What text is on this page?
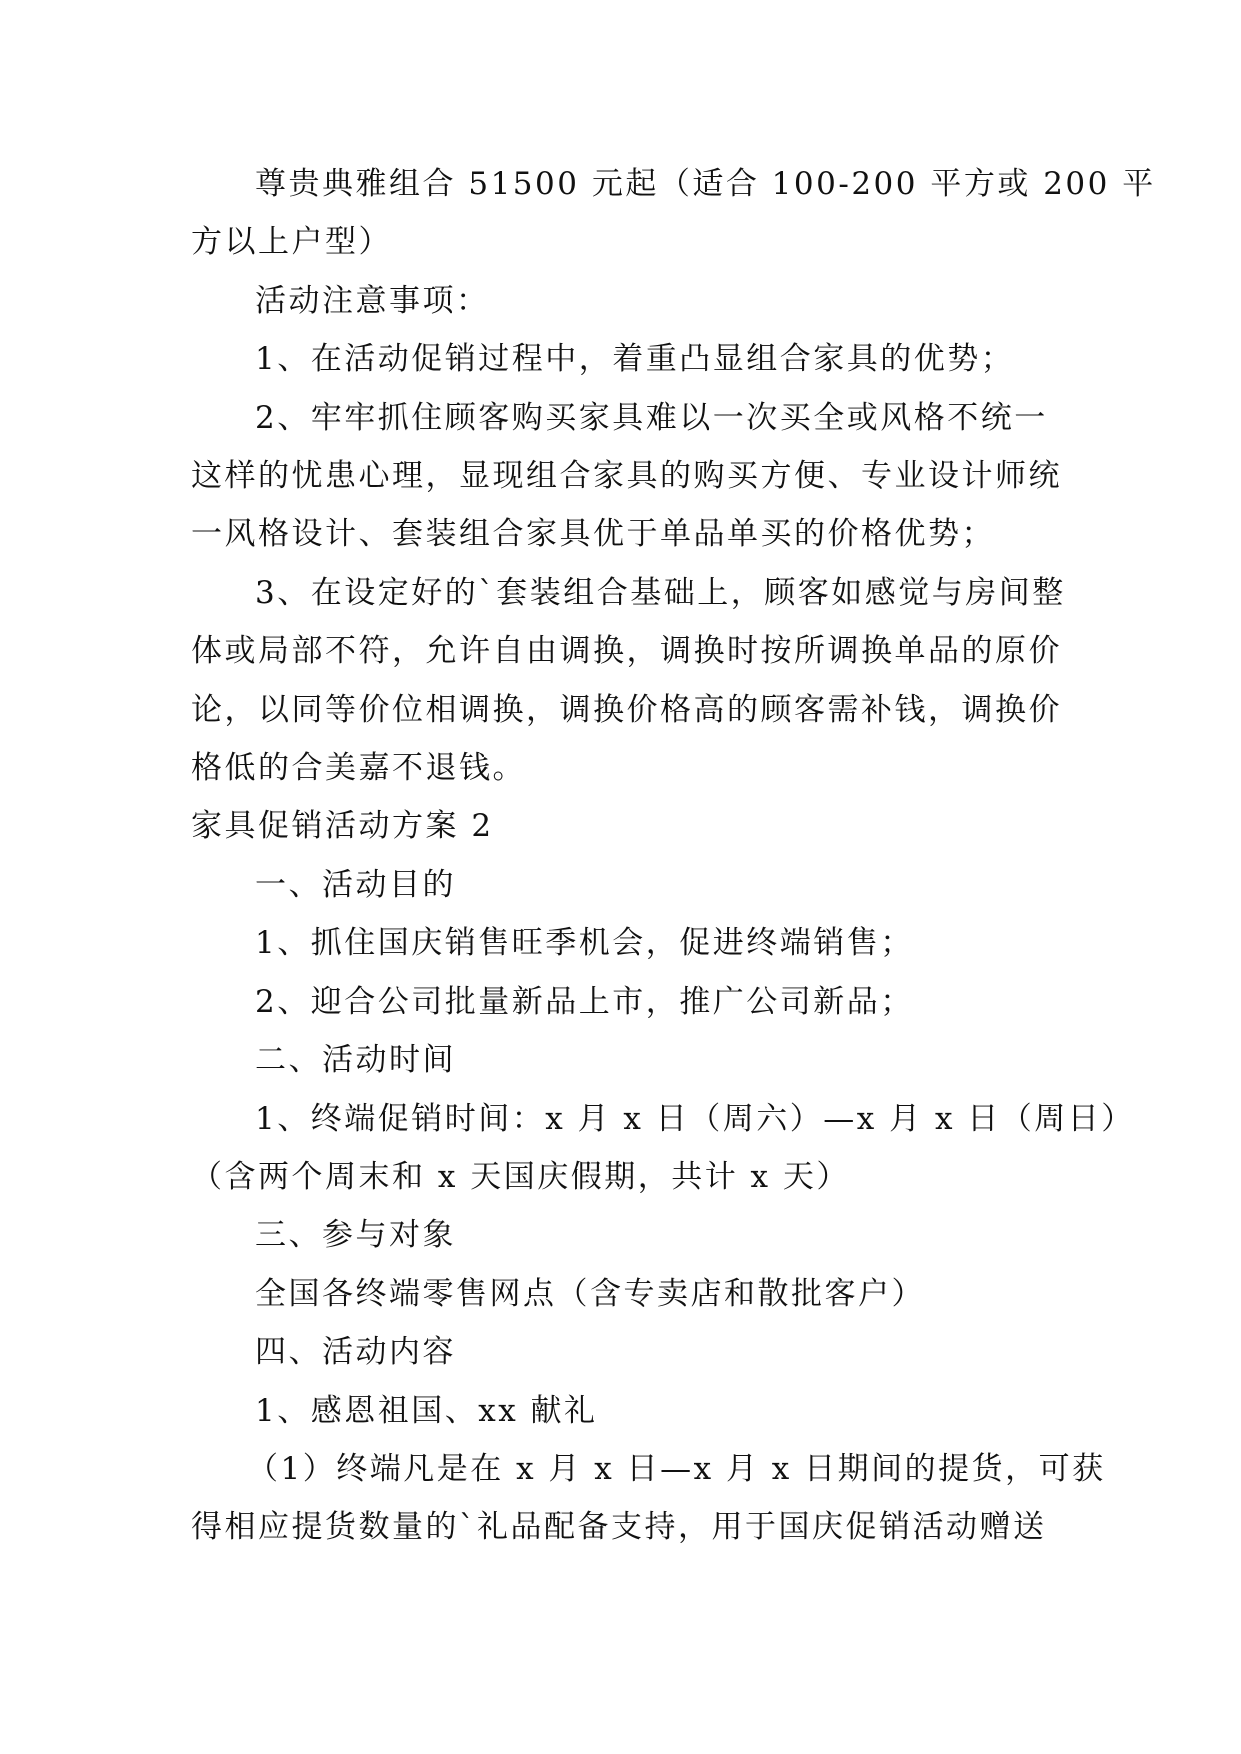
尊贵典雅组合 51500 元起（适合 100-200 平方或 200 平
方以上户型）
活动注意事项：
1、在活动促销过程中，着重凸显组合家具的优势；
2、牢牢抓住顾客购买家具难以一次买全或风格不统一
这样的忧患心理，显现组合家具的购买方便、专业设计师统
一风格设计、套装组合家具优于单品单买的价格优势；
3、在设定好的`套装组合基础上，顾客如感觉与房间整
体或局部不符，允许自由调换，调换时按所调换单品的原价
论，以同等价位相调换，调换价格高的顾客需补钱，调换价
格低的合美嘉不退钱。
家具促销活动方案 2
一、活动目的
1、抓住国庆销售旺季机会，促进终端销售；
2、迎合公司批量新品上市，推广公司新品；
二、活动时间
1、终端促销时间：x 月 x 日（周六）—x 月 x 日（周日）
（含两个周末和 x 天国庆假期，共计 x 天）
三、参与对象
全国各终端零售网点（含专卖店和散批客户）
四、活动内容
1、感恩祖国、xx 献礼
（1）终端凡是在 x 月 x 日—x 月 x 日期间的提货，可获
得相应提货数量的`礼品配备支持，用于国庆促销活动赠送
